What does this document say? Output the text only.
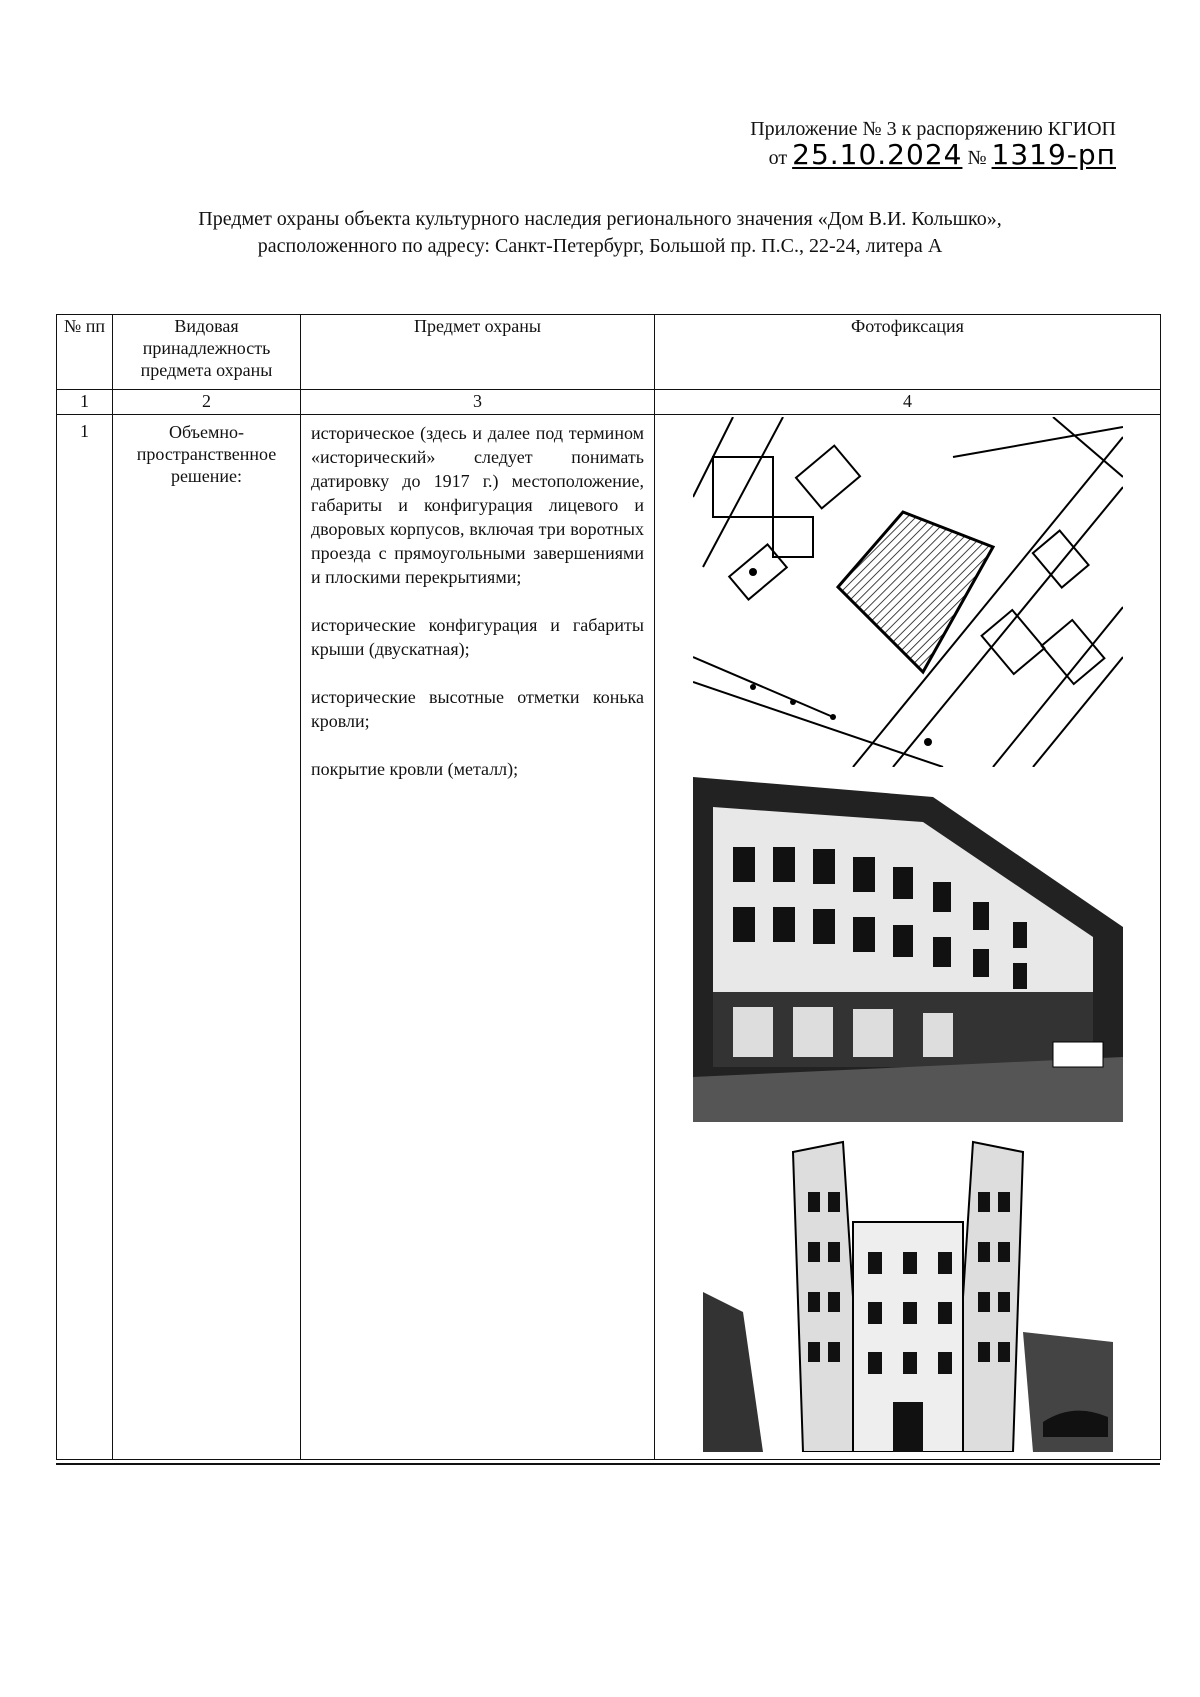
Приложение № 3 к распоряжению КГИОП
от 25.10.2024 № 1319-рп
Предмет охраны объекта культурного наследия регионального значения «Дом В.И. Кольшко»,
расположенного по адресу: Санкт-Петербург, Большой пр. П.С., 22-24, литера А
№ пп	Видовая принадлежность предмета охраны	Предмет охраны	Фотофиксация
1	2	3	4
1	Объемно-пространственное решение:	историческое (здесь и далее под термином «исторический» следует понимать датировку до 1917 г.) местоположение, габариты и конфигурация лицевого и дворовых корпусов, включая три воротных проезда с прямоугольными завершениями и плоскими перекрытиями;

исторические конфигурация и габариты крыши (двускатная);

исторические высотные отметки конька кровли;

покрытие кровли (металл);
